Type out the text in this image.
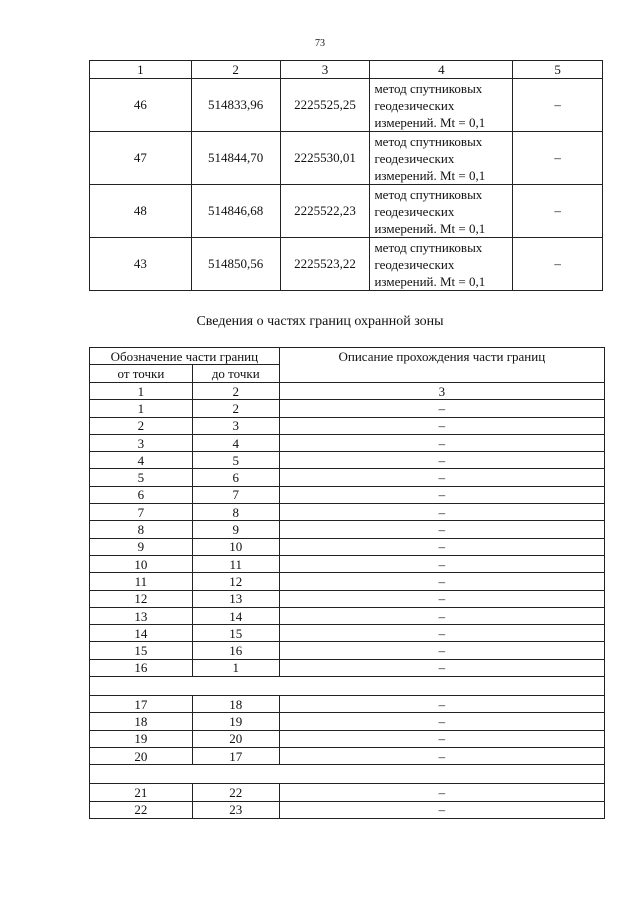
73
1	2	3	4	5
46	514833,96	2225525,25	метод спутниковых
геодезических
измерений. Mt = 0,1	–
47	514844,70	2225530,01	метод спутниковых
геодезических
измерений. Mt = 0,1	–
48	514846,68	2225522,23	метод спутниковых
геодезических
измерений. Mt = 0,1	–
43	514850,56	2225523,22	метод спутниковых
геодезических
измерений. Mt = 0,1	–
Сведения о частях границ охранной зоны
Обозначение части границ		Описание прохождения части границ
от точки	до точки	
1	2	3
1	2	–
2	3	–
3	4	–
4	5	–
5	6	–
6	7	–
7	8	–
8	9	–
9	10	–
10	11	–
11	12	–
12	13	–
13	14	–
14	15	–
15	16	–
16	1	–

17	18	–
18	19	–
19	20	–
20	17	–

21	22	–
22	23	–
